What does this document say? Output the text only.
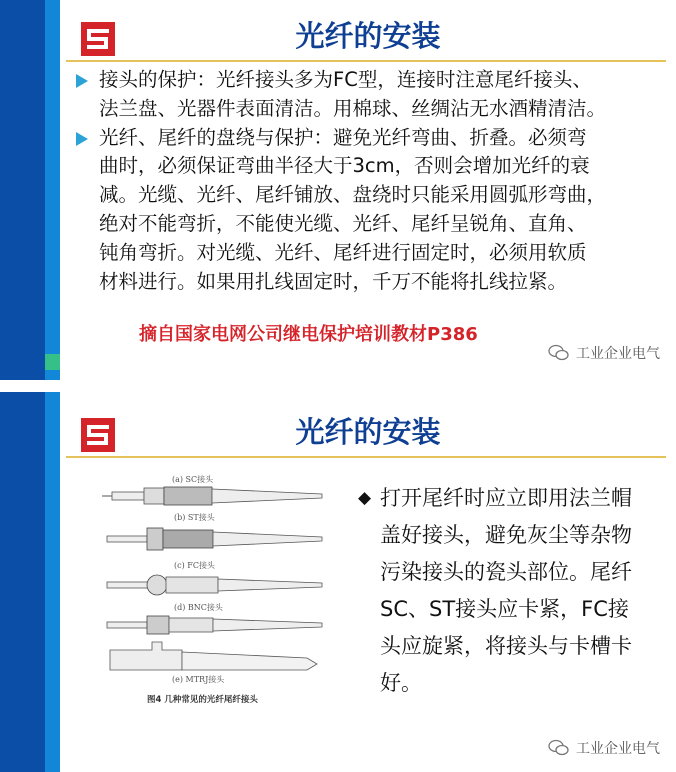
光纤的安装
接头的保护：光纤接头多为FC型，连接时注意尾纤接头、
法兰盘、光器件表面清洁。用棉球、丝绸沾无水酒精清洁。
光纤、尾纤的盘绕与保护：避免光纤弯曲、折叠。必须弯
曲时，必须保证弯曲半径大于3cm，否则会增加光纤的衰
减。光缆、光纤、尾纤铺放、盘绕时只能采用圆弧形弯曲，
绝对不能弯折，不能使光缆、光纤、尾纤呈锐角、直角、
钝角弯折。对光缆、光纤、尾纤进行固定时，必须用软质
材料进行。如果用扎线固定时，千万不能将扎线拉紧。
摘自国家电网公司继电保护培训教材P386
工业企业电气
光纤的安装
(a) SC接头
(b) ST接头
(c) FC接头
(d) BNC接头
(e) MTRJ接头
图4 几种常见的光纤尾纤接头
◆ 打开尾纤时应立即用法兰帽
盖好接头，避免灰尘等杂物
污染接头的瓷头部位。尾纤
SC、ST接头应卡紧，FC接
头应旋紧，将接头与卡槽卡
好。
工业企业电气
